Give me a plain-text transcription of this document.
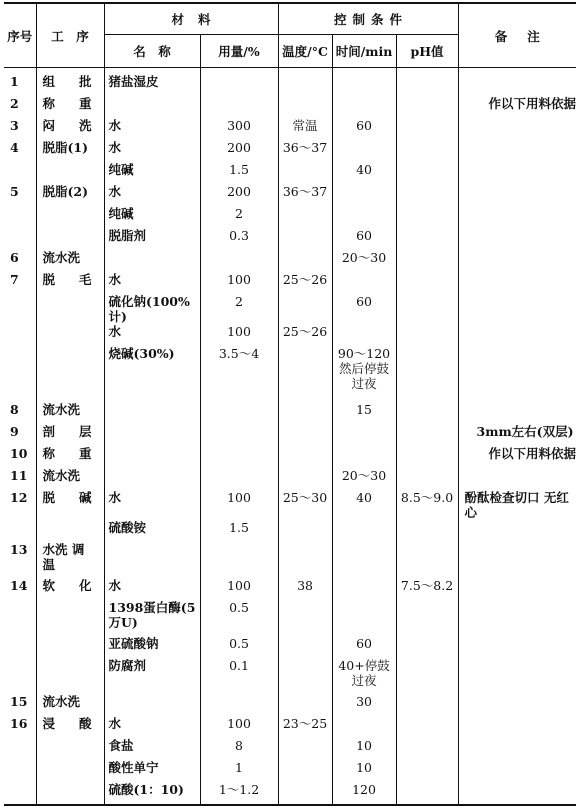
序号	工　序	材料		控制条件			备注
		名　称	用量/%	温度/°C	时间/min	pH值	

1	组批	猪盐湿皮					
2	称重						作以下用料依据
3	闷洗	水	300	常温	60		
4	脱脂(1)	水	200	36～37			
		纯碱	1.5		40		
5	脱脂(2)	水	200	36～37			
		纯碱	2				
		脱脂剂	0.3		60		
6	流水洗				20～30		
7	脱毛	水	100	25～26			
		硫化钠(100%计)	2		60		
		水	100	25～26			
		烧碱(30%)	3.5～4		90～120 然后停鼓 过夜		
8	流水洗				15		
9	剖层						3mm左右(双层)
10	称重						作以下用料依据
11	流水洗				20～30		
12	脱碱	水	100	25～30	40	8.5～9.0	酚酞检查切口 无红心
		硫酸铵	1.5				
13	水洗 调温						
14	软化	水	100	38		7.5～8.2	
		1398蛋白酶(5 万U)	0.5				
		亚硫酸钠	0.5		60		
		防腐剂	0.1		40+停鼓 过夜		
15	流水洗				30		
16	浸酸	水	100	23～25			
		食盐	8		10		
		酸性单宁	1		10		
		硫酸(1：10)	1～1.2		120		
